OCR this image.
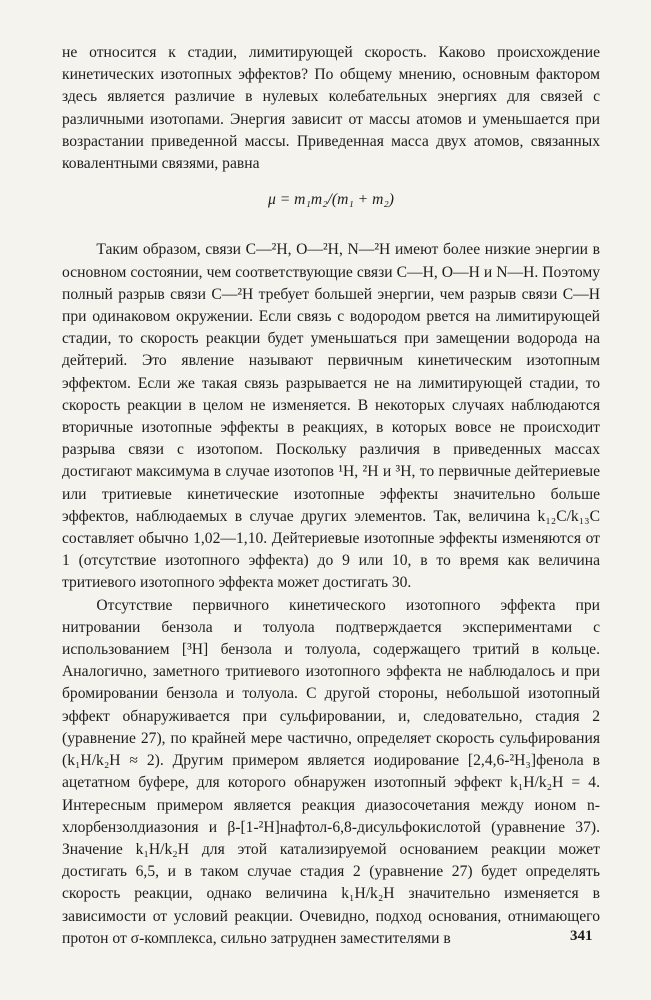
не относится к стадии, лимитирующей скорость. Каково происхождение кинетических изотопных эффектов? По общему мнению, основным фактором здесь является различие в нулевых колебательных энергиях для связей с различными изотопами. Энергия зависит от массы атомов и уменьшается при возрастании приведенной массы. Приведенная масса двух атомов, связанных ковалентными связями, равна

μ = m₁m₂/(m₁ + m₂)

Таким образом, связи C—²H, O—²H, N—²H имеют более низкие энергии в основном состоянии, чем соответствующие связи C—H, O—H и N—H. Поэтому полный разрыв связи C—²H требует большей энергии, чем разрыв связи C—H при одинаковом окружении. Если связь с водородом рвется на лимитирующей стадии, то скорость реакции будет уменьшаться при замещении водорода на дейтерий. Это явление называют первичным кинетическим изотопным эффектом. Если же такая связь разрывается не на лимитирующей стадии, то скорость реакции в целом не изменяется. В некоторых случаях наблюдаются вторичные изотопные эффекты в реакциях, в которых вовсе не происходит разрыва связи с изотопом. Поскольку различия в приведенных массах достигают максимума в случае изотопов ¹H, ²H и ³H, то первичные дейтериевые или тритиевые кинетические изотопные эффекты значительно больше эффектов, наблюдаемых в случае других элементов. Так, величина k₁₂C/k₁₃C составляет обычно 1,02—1,10. Дейтериевые изотопные эффекты изменяются от 1 (отсутствие изотопного эффекта) до 9 или 10, в то время как величина тритиевого изотопного эффекта может достигать 30.

Отсутствие первичного кинетического изотопного эффекта при нитровании бензола и толуола подтверждается экспериментами с использованием [³H] бензола и толуола, содержащего тритий в кольце. Аналогично, заметного тритиевого изотопного эффекта не наблюдалось и при бромировании бензола и толуола. С другой стороны, небольшой изотопный эффект обнаруживается при сульфировании, и, следовательно, стадия 2 (уравнение 27), по крайней мере частично, определяет скорость сульфирования (k₁H/k₂H ≈ 2). Другим примером является иодирование [2,4,6-²H₃]фенола в ацетатном буфере, для которого обнаружен изотопный эффект k₁H/k₂H = 4. Интересным примером является реакция диазосочетания между ионом n-хлорбензолдиазония и β-[1-²H]нафтол-6,8-дисульфокислотой (уравнение 37). Значение k₁H/k₂H для этой катализируемой основанием реакции может достигать 6,5, и в таком случае стадия 2 (уравнение 27) будет определять скорость реакции, однако величина k₁H/k₂H значительно изменяется в зависимости от условий реакции. Очевидно, подход основания, отнимающего протон от σ-комплекса, сильно затруднен заместителями в	341
